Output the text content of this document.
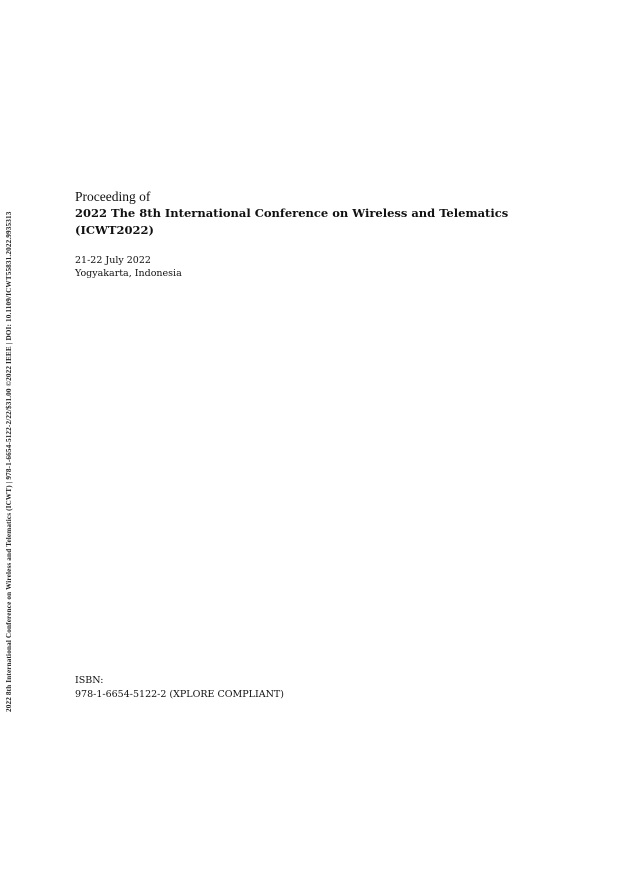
2022 8th International Conference on Wireless and Telematics (ICWT) | 978-1-6654-5122-2/22/$31.00 ©2022 IEEE | DOI: 10.1109/ICWT55831.2022.9935313
Proceeding of
2022 The 8th International Conference on Wireless and Telematics
(ICWT2022)
21-22 July 2022
Yogyakarta, Indonesia
ISBN:
978-1-6654-5122-2 (XPLORE COMPLIANT)
